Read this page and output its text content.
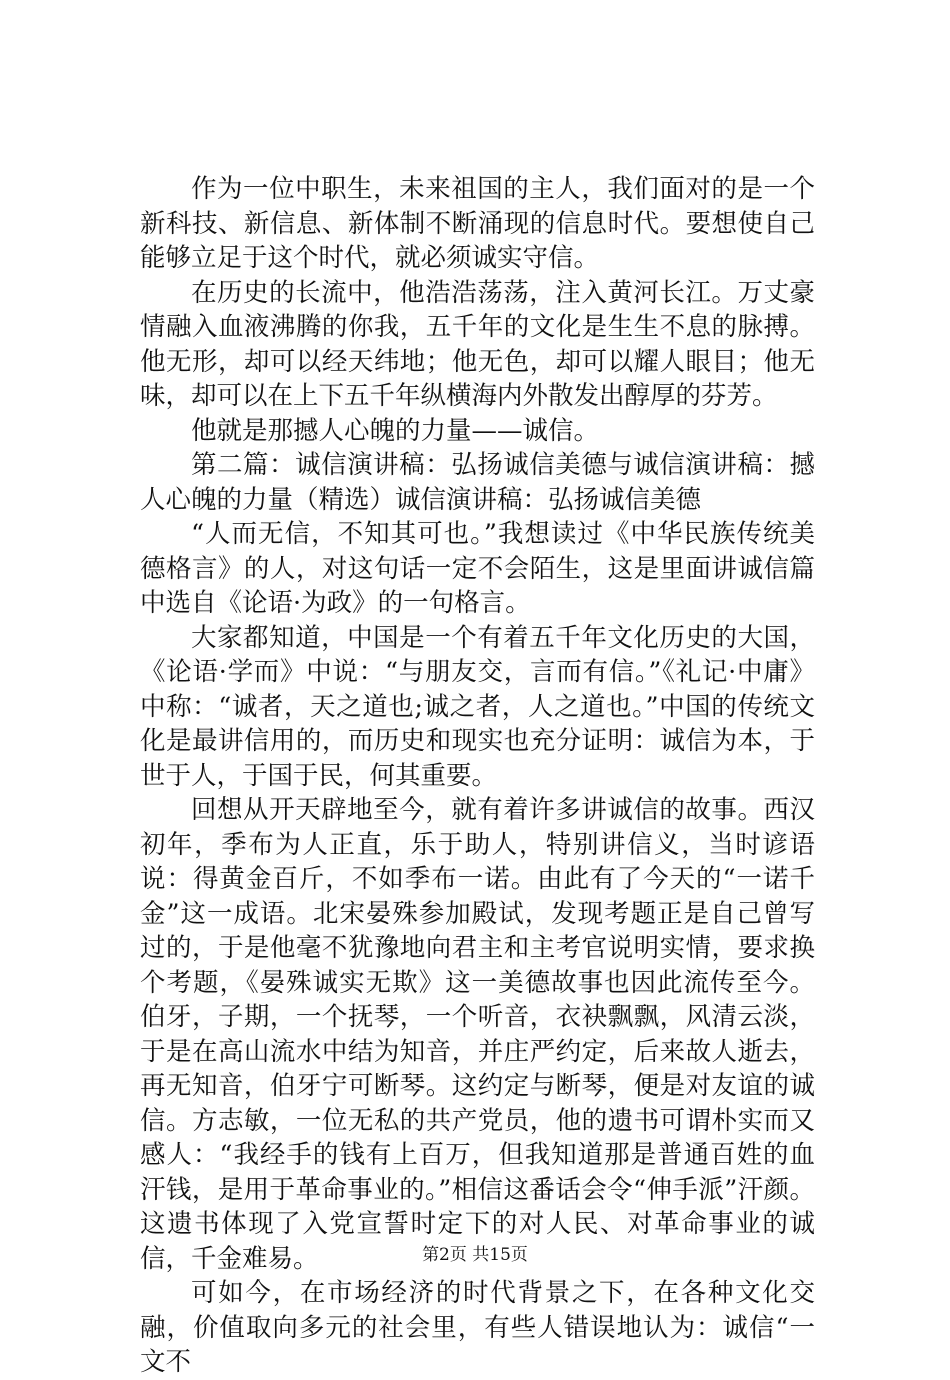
作为一位中职生，未来祖国的主人，我们面对的是一个新科技、新信息、新体制不断涌现的信息时代。要想使自己能够立足于这个时代，就必须诚实守信。

在历史的长流中，他浩浩荡荡，注入黄河长江。万丈豪情融入血液沸腾的你我，五千年的文化是生生不息的脉搏。他无形，却可以经天纬地；他无色，却可以耀人眼目；他无味，却可以在上下五千年纵横海内外散发出醇厚的芬芳。

他就是那撼人心魄的力量——诚信。

第二篇：诚信演讲稿：弘扬诚信美德与诚信演讲稿：撼人心魄的力量（精选）诚信演讲稿：弘扬诚信美德

“人而无信，不知其可也。”我想读过《中华民族传统美德格言》的人，对这句话一定不会陌生，这是里面讲诚信篇中选自《论语·为政》的一句格言。

大家都知道，中国是一个有着五千年文化历史的大国，《论语·学而》中说：“与朋友交，言而有信。”《礼记·中庸》中称：“诚者，天之道也;诚之者，人之道也。”中国的传统文化是最讲信用的，而历史和现实也充分证明：诚信为本，于世于人，于国于民，何其重要。

回想从开天辟地至今，就有着许多讲诚信的故事。西汉初年，季布为人正直，乐于助人，特别讲信义，当时谚语说：得黄金百斤，不如季布一诺。由此有了今天的“一诺千金”这一成语。北宋晏殊参加殿试，发现考题正是自己曾写过的，于是他毫不犹豫地向君主和主考官说明实情，要求换个考题，《晏殊诚实无欺》这一美德故事也因此流传至今。伯牙，子期，一个抚琴，一个听音，衣袂飘飘，风清云淡，于是在高山流水中结为知音，并庄严约定，后来故人逝去，再无知音，伯牙宁可断琴。这约定与断琴，便是对友谊的诚信。方志敏，一位无私的共产党员，他的遗书可谓朴实而又感人：“我经手的钱有上百万，但我知道那是普通百姓的血汗钱，是用于革命事业的。”相信这番话会令“伸手派”汗颜。这遗书体现了入党宣誓时定下的对人民、对革命事业的诚信，千金难易。

可如今，在市场经济的时代背景之下，在各种文化交融，价值取向多元的社会里，有些人错误地认为：诚信“一文不

第2页 共15页
